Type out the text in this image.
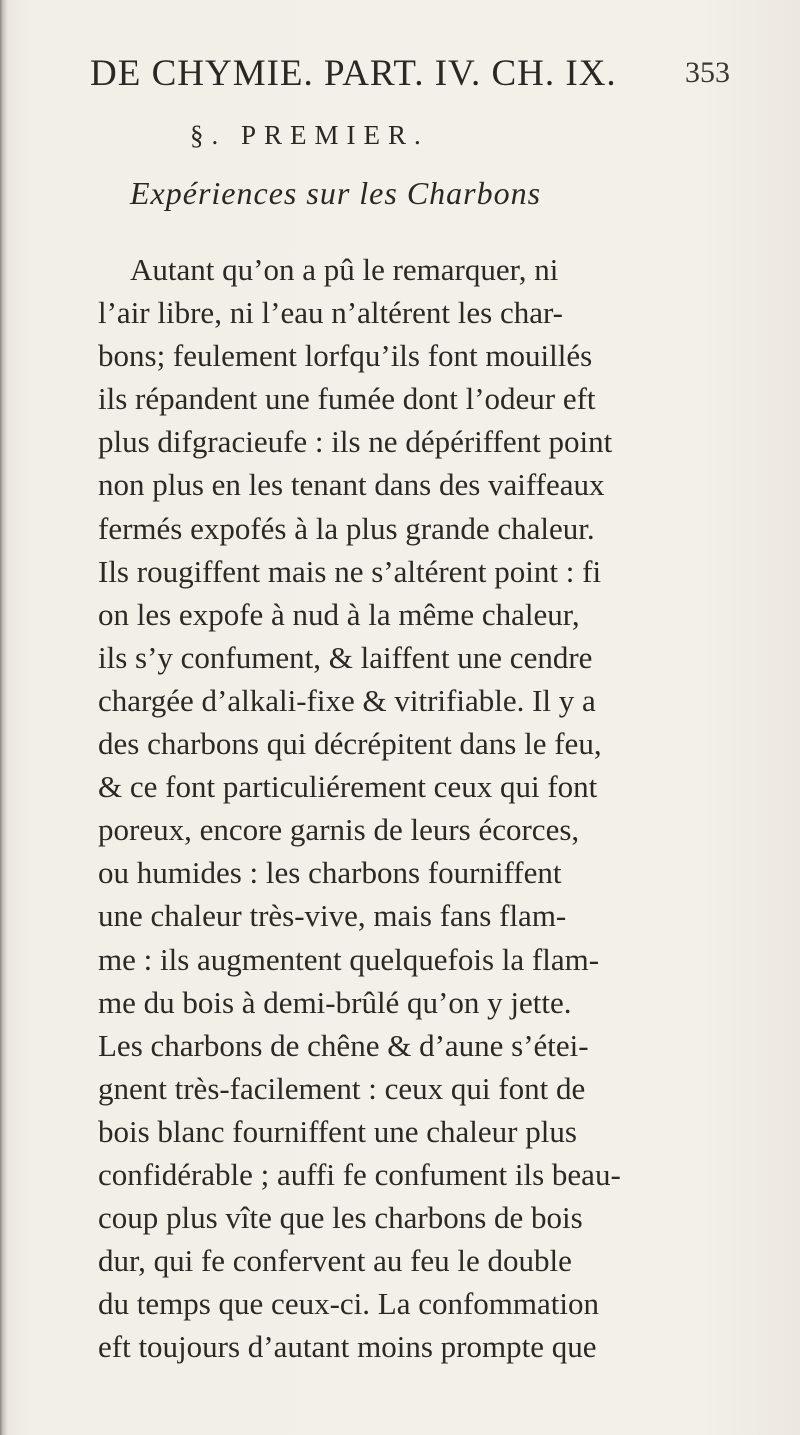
DE CHYMIE. PART. IV. CH. IX. 353
§. PREMIER.
Expériences sur les Charbons
Autant qu’on a pû le remarquer, ni
l’air libre, ni l’eau n’altérent les char-
bons; feulement lorfqu’ils font mouillés
ils répandent une fumée dont l’odeur eft
plus difgracieufe : ils ne dépériffent point
non plus en les tenant dans des vaiffeaux
fermés expofés à la plus grande chaleur.
Ils rougiffent mais ne s’altérent point : fi
on les expofe à nud à la même chaleur,
ils s’y confument, & laiffent une cendre
chargée d’alkali-fixe & vitrifiable. Il y a
des charbons qui décrépitent dans le feu,
& ce font particuliérement ceux qui font
poreux, encore garnis de leurs écorces,
ou humides : les charbons fourniffent
une chaleur très-vive, mais fans flam-
me : ils augmentent quelquefois la flam-
me du bois à demi-brûlé qu’on y jette.
Les charbons de chêne & d’aune s’étei-
gnent très-facilement : ceux qui font de
bois blanc fourniffent une chaleur plus
confidérable ; auffi fe confument ils beau-
coup plus vîte que les charbons de bois
dur, qui fe confervent au feu le double
du temps que ceux-ci. La confommation
eft toujours d’autant moins prompte que
